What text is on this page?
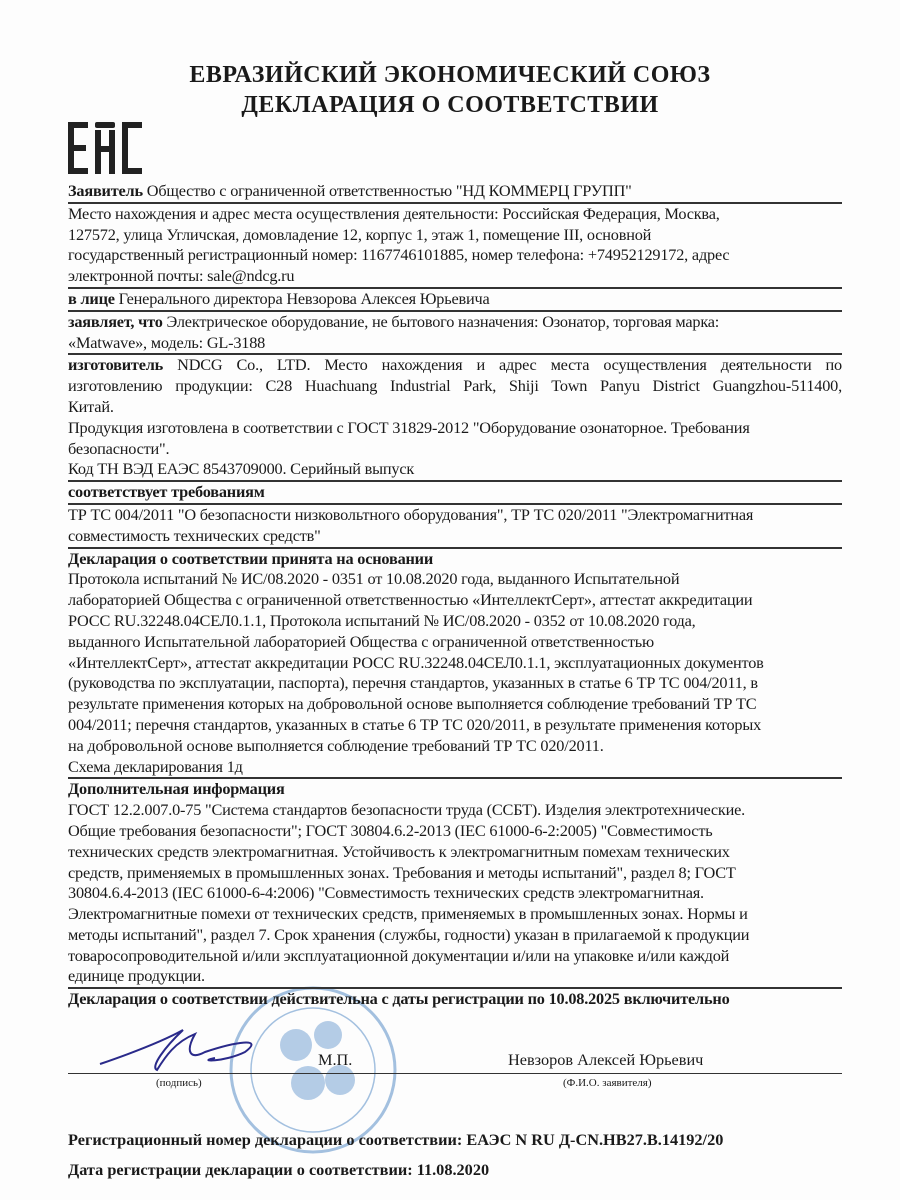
ЕВРАЗИЙСКИЙ ЭКОНОМИЧЕСКИЙ СОЮЗ
ДЕКЛАРАЦИЯ О СООТВЕТСТВИИ
Заявитель Общество с ограниченной ответственностью "НД КОММЕРЦ ГРУПП"
Место нахождения и адрес места осуществления деятельности: Российская Федерация, Москва,
127572, улица Угличская, домовладение 12, корпус 1, этаж 1, помещение III, основной
государственный регистрационный номер: 1167746101885, номер телефона: +74952129172, адрес
электронной почты: sale@ndcg.ru
в лице Генерального директора Невзорова Алексея Юрьевича
заявляет, что Электрическое оборудование, не бытового назначения: Озонатор, торговая марка:
«Matwave», модель: GL-3188
изготовитель NDCG Co., LTD. Место нахождения и адрес места осуществления деятельности по
изготовлению продукции: C28 Huachuang Industrial Park, Shiji Town Panyu District Guangzhou-511400,
Китай.
Продукция изготовлена в соответствии с ГОСТ 31829-2012 "Оборудование озонаторное. Требования
безопасности".
Код ТН ВЭД ЕАЭС 8543709000. Серийный выпуск
соответствует требованиям
ТР ТС 004/2011 "О безопасности низковольтного оборудования", ТР ТС 020/2011 "Электромагнитная
совместимость технических средств"
Декларация о соответствии принята на основании
Протокола испытаний № ИС/08.2020 - 0351 от 10.08.2020 года, выданного Испытательной
лабораторией Общества с ограниченной ответственностью «ИнтеллектСерт», аттестат аккредитации
РОСС RU.32248.04СЕЛ0.1.1, Протокола испытаний № ИС/08.2020 - 0352 от 10.08.2020 года,
выданного Испытательной лабораторией Общества с ограниченной ответственностью
«ИнтеллектСерт», аттестат аккредитации РОСС RU.32248.04СЕЛ0.1.1, эксплуатационных документов
(руководства по эксплуатации, паспорта), перечня стандартов, указанных в статье 6 ТР ТС 004/2011, в
результате применения которых на добровольной основе выполняется соблюдение требований ТР ТС
004/2011; перечня стандартов, указанных в статье 6 ТР ТС 020/2011, в результате применения которых
на добровольной основе выполняется соблюдение требований ТР ТС 020/2011.
Схема декларирования 1д
Дополнительная информация
ГОСТ 12.2.007.0-75 "Система стандартов безопасности труда (ССБТ). Изделия электротехнические.
Общие требования безопасности"; ГОСТ 30804.6.2-2013 (IEC 61000-6-2:2005) "Совместимость
технических средств электромагнитная. Устойчивость к электромагнитным помехам технических
средств, применяемых в промышленных зонах. Требования и методы испытаний", раздел 8; ГОСТ
30804.6.4-2013 (IEC 61000-6-4:2006) "Совместимость технических средств электромагнитная.
Электромагнитные помехи от технических средств, применяемых в промышленных зонах. Нормы и
методы испытаний", раздел 7. Срок хранения (службы, годности) указан в прилагаемой к продукции
товаросопроводительной и/или эксплуатационной документации и/или на упаковке и/или каждой
единице продукции.
Декларация о соответствии действительна с даты регистрации по 10.08.2025 включительно
М.П.	Невзоров Алексей Юрьевич
(подпись)	(Ф.И.О. заявителя)
Регистрационный номер декларации о соответствии: ЕАЭС N RU Д-CN.НВ27.В.14192/20
Дата регистрации декларации о соответствии: 11.08.2020
